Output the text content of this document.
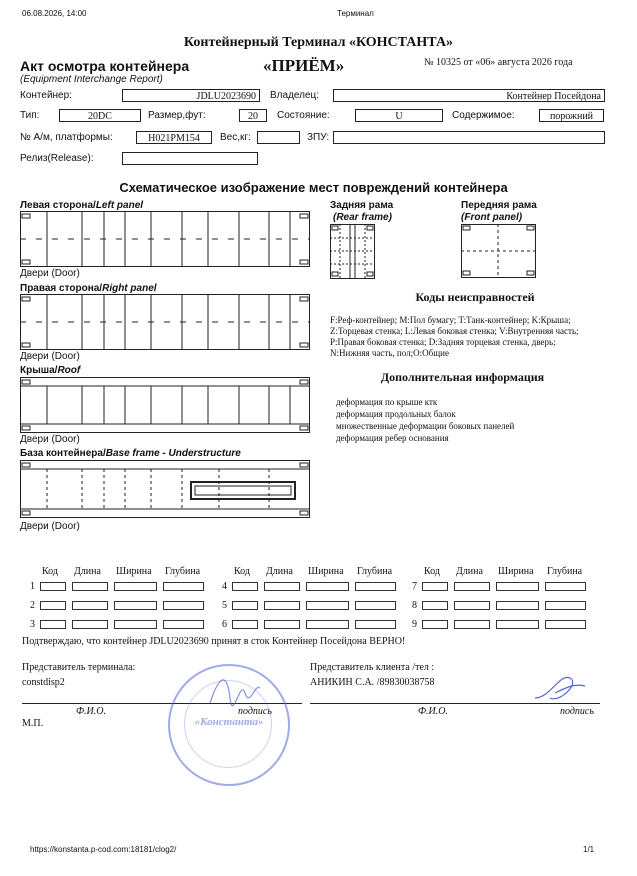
06.08.2026, 14:00	Терминал
https://konstanta.p-cod.com:18181/clog2/	1/1
Контейнерный Терминал «КОНСТАНТА»
Акт осмотра контейнера
(Equipment Interchange Report)
«ПРИЁМ»	№ 10325 от «06» августа 2026 года
Контейнер:	JDLU2023690	Владелец:	Контейнер Посейдона
Тип:	20DC	Размер,фут:	20	Состояние:	U	Содержимое:	порожний
№ А/м, платформы:	Н021РМ154	Вес,кг:	ЗПУ:
Релиз(Release):
Схематическое изображение мест повреждений контейнера
Левая сторона/Left panel
Двери (Door)
Правая сторона/Right panel
Двери (Door)
Крыша/Roof
Двери (Door)
База контейнера/Base frame - Understructure
Двери (Door)
Задняя рама
(Rear frame)
Передняя рама
(Front panel)
Коды неисправностей
F:Реф-контейнер; M:Пол бумагу; T:Танк-контейнер; K:Крыша;
Z:Торцевая стенка; L:Левая боковая стенка; V:Внутренняя часть;
P:Правая боковая стенка; D:Задняя торцевая стенка, дверь;
N:Нижняя часть, пол;O:Общие
Дополнительная информация
деформация по крыше ктк
деформация продольных балок
множественные деформации боковых панелей
деформация ребер основания
Код Длина Ширина Глубина
1
2
3
Код Длина Ширина Глубина
4
5
6
Код Длина Ширина Глубина
7
8
9
Подтверждаю, что контейнер JDLU2023690 принят в сток Контейнер Посейдона ВЕРНО!
Представитель терминала:
constdisp2
Представитель клиента /тел :
АНИКИН С.А. /89830038758
Ф.И.О.	подпись	Ф.И.О.	подпись
М.П.	«Константа»
